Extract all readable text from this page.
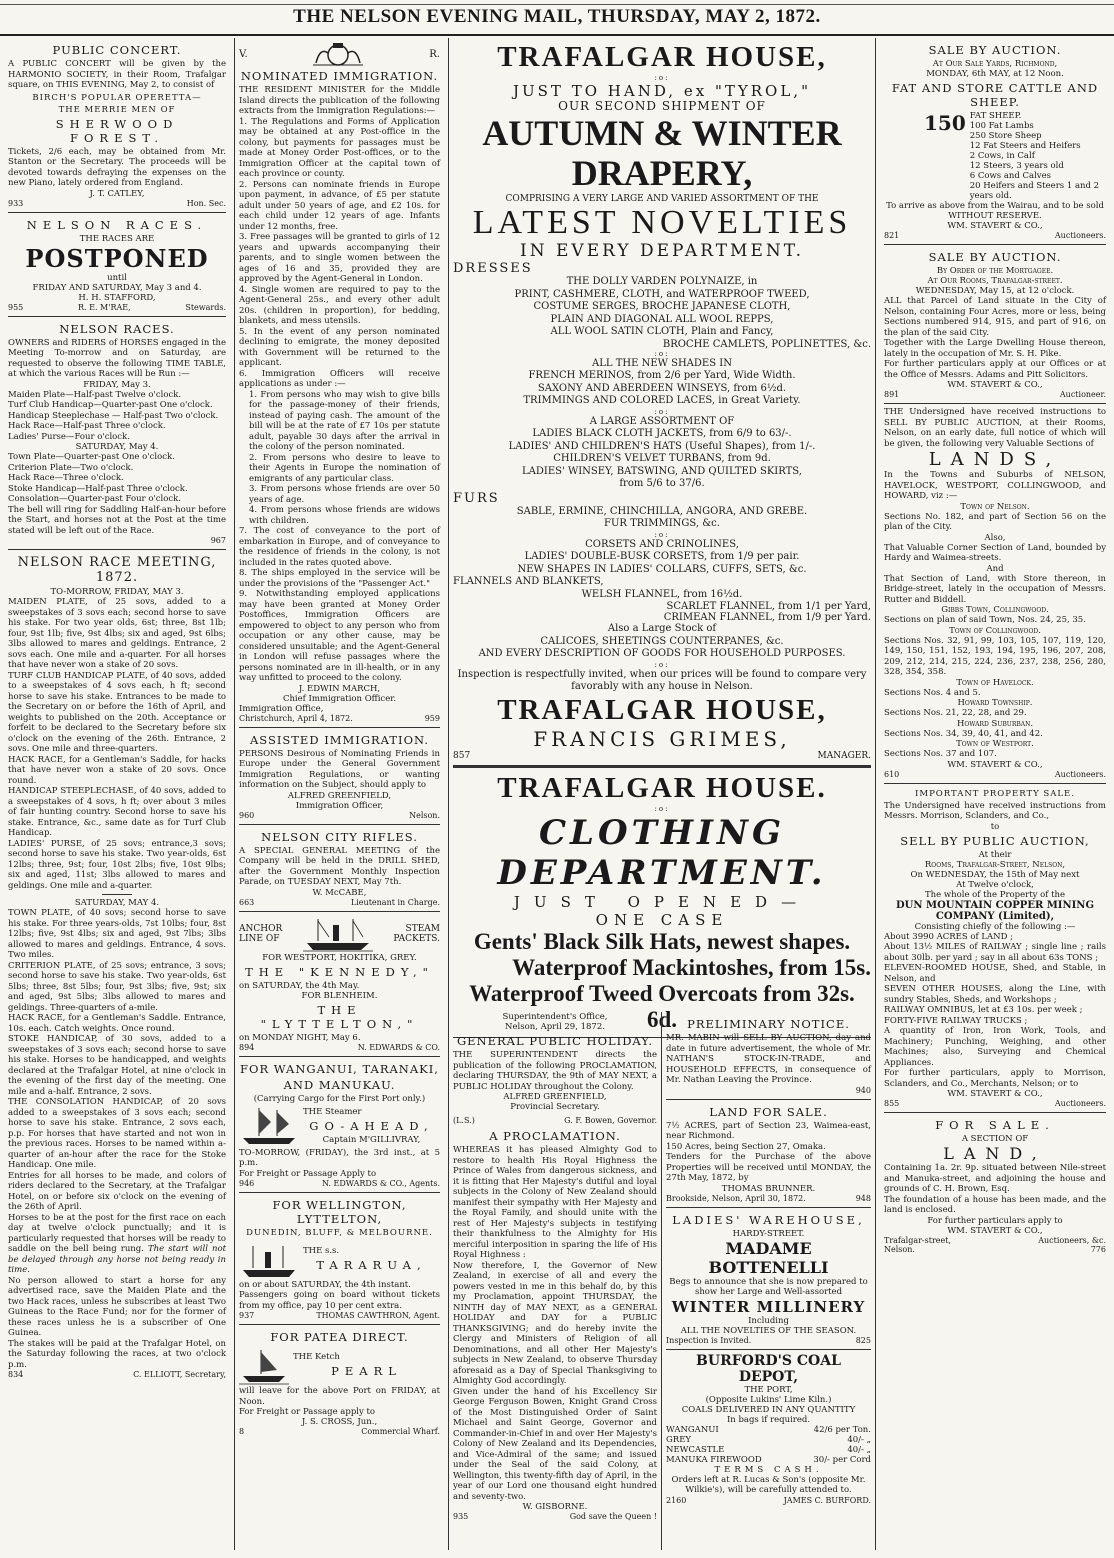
THE NELSON EVENING MAIL, THURSDAY, MAY 2, 1872.
PUBLIC CONCERT.
A PUBLIC CONCERT will be given by the HARMONIO SOCIETY, in their Room, Trafalgar square, on THIS EVENING, May 2, to consist of
BIRCH'S POPULAR OPERETTA—
THE MERRIE MEN OF
SHERWOOD FOREST.
Tickets, 2/6 each, may be obtained from Mr. Stanton or the Secretary. The proceeds will be devoted towards defraying the expenses on the new Piano, lately ordered from England.
J. T. CATLEY,
933	Hon. Sec.
NELSON RACES.
THE RACES ARE
POSTPONED
until
FRIDAY AND SATURDAY, May 3 and 4.
H. H. STAFFORD,
955	R. E. M'RAE,	Stewards.
NELSON RACES.
OWNERS and RIDERS of HORSES engaged in the Meeting To-morrow and on Saturday, are requested to observe the following TIME TABLE, at which the various Races will be Run :—
FRIDAY, May 3.
Maiden Plate—Half-past Twelve o'clock.
Turf Club Handicap—Quarter-past One o'clock.
Handicap Steeplechase — Half-past Two o'clock.
Hack Race—Half-past Three o'clock.
Ladies' Purse—Four o'clock.
SATURDAY, May 4.
Town Plate—Quarter-past One o'clock.
Criterion Plate—Two o'clock.
Hack Race—Three o'clock.
Stoke Handicap—Half-past Three o'clock.
Consolation—Quarter-past Four o'clock.
The bell will ring for Saddling Half-an-hour before the Start, and horses not at the Post at the time stated will be left out of the Race.
967
NELSON RACE MEETING, 1872.
TO-MORROW, FRIDAY, MAY 3.
MAIDEN PLATE, of 25 sovs, added to a sweepstakes of 3 sovs each; second horse to save his stake. For two year olds, 6st; three, 8st 1lb; four, 9st 1lb; five, 9st 4lbs; six and aged, 9st 6lbs; 3lbs allowed to mares and geldings. Entrance, 2 sovs each. One mile and a-quarter. For all horses that have never won a stake of 20 sovs.
TURF CLUB HANDICAP PLATE, of 40 sovs, added to a sweepstakes of 4 sovs each, h ft; second horse to save his stake. Entrances to be made to the Secretary on or before the 16th of April, and weights to published on the 20th. Acceptance or forfeit to be declared to the Secretary before six o'clock on the evening of the 26th. Entrance, 2 sovs. One mile and three-quarters.
HACK RACE, for a Gentleman's Saddle, for hacks that have never won a stake of 20 sovs. Once round.
HANDICAP STEEPLECHASE, of 40 sovs, added to a sweepstakes of 4 sovs, h ft; over about 3 miles of fair hunting country. Second horse to save his stake. Entrance, &c., same date as for Turf Club Handicap.
LADIES' PURSE, of 25 sovs; entrance,3 sovs; second horse to save his stake. Two year-olds, 6st 12lbs; three, 9st; four, 10st 2lbs; five, 10st 9lbs; six and aged, 11st; 3lbs allowed to mares and geldings. One mile and a-quarter.
SATURDAY, MAY 4.
TOWN PLATE, of 40 sovs; second horse to save his stake. For three years-olds, 7st 10lbs; four, 8st 12lbs; five, 9st 4lbs; six and aged, 9st 7lbs; 3lbs allowed to mares and geldings. Entrance, 4 sovs. Two miles.
CRITERION PLATE, of 25 sovs; entrance, 3 sovs; second horse to save his stake. Two year-olds, 6st 5lbs; three, 8st 5lbs; four, 9st 3lbs; five, 9st; six and aged, 9st 5lbs; 3lbs allowed to mares and geldings. Three-quarters of a-mile.
HACK RACE, for a Gentleman's Saddle. Entrance, 10s. each. Catch weights. Once round.
STOKE HANDICAP, of 30 sovs, added to a sweepstakes of 3 sovs each; second horse to save his stake. Horses to be handicapped, and weights declared at the Trafalgar Hotel, at nine o'clock in the evening of the first day of the meeting. One mile and a-half. Entrance, 2 sovs.
THE CONSOLATION HANDICAP, of 20 sovs added to a sweepstakes of 3 sovs each; second horse to save his stake. Entrance, 2 sovs each, p.p. For horses that have started and not won in the previous races. Horses to be named within a-quarter of an-hour after the race for the Stoke Handicap. One mile.
Entries for all horses to be made, and colors of riders declared to the Secretary, at the Trafalgar Hotel, on or before six o'clock on the evening of the 26th of April.
Horses to be at the post for the first race on each day at twelve o'clock punctually; and it is particularly requested that horses will be ready to saddle on the bell being rung. The start will not be delayed through any horse not being ready in time.
No person allowed to start a horse for any advertised race, save the Maiden Plate and the two Hack races, unless he subscribes at least Two Guineas to the Race Fund; nor for the former of these races unless he is a subscriber of One Guinea.
The stakes will be paid at the Trafalgar Hotel, on the Saturday following the races, at two o'clock p.m.
834	C. ELLIOTT, Secretary,
V.	R.
NOMINATED IMMIGRATION.
THE RESIDENT MINISTER for the Middle Island directs the publication of the following extracts from the Immigration Regulations:—
1. The Regulations and Forms of Application may be obtained at any Post-office in the colony, but payments for passages must be made at Money Order Post-offices, or to the Immigration Officer at the capital town of each province or county.
2. Persons can nominate friends in Europe upon payment, in advance, of £5 per statute adult under 50 years of age, and £2 10s. for each child under 12 years of age. Infants under 12 months, free.
3. Free passages will be granted to girls of 12 years and upwards accompanying their parents, and to single women between the ages of 16 and 35, provided they are approved by the Agent-General in London.
4. Single women are required to pay to the Agent-General 25s., and every other adult 20s. (children in proportion), for bedding, blankets, and mess utensils.
5. In the event of any person nominated declining to emigrate, the money deposited with Government will be returned to the applicant.
6. Immigration Officers will receive applications as under :—
1. From persons who may wish to give bills for the passage-money of their friends, instead of paying cash. The amount of the bill will be at the rate of £7 10s per statute adult, payable 30 days after the arrival in the colony of the person nominated.
2. From persons who desire to leave to their Agents in Europe the nomination of emigrants of any particular class.
3. From persons whose friends are over 50 years of age.
4. From persons whose friends are widows with children.
7. The cost of conveyance to the port of embarkation in Europe, and of conveyance to the residence of friends in the colony, is not included in the rates quoted above.
8. The ships employed in the service will be under the provisions of the "Passenger Act."
9. Notwithstanding employed applications may have been granted at Money Order Postoffices, Immigration Officers are empowered to object to any person who from occupation or any other cause, may be considered unsuitable; and the Agent-General in London will refuse passages where the persons nominated are in ill-health, or in any way unfitted to proceed to the colony.
J. EDWIN MARCH,
Chief Immigration Officer.
Immigration Office,
Christchurch, April 4, 1872.	959
ASSISTED IMMIGRATION.
PERSONS Desirous of Nominating Friends in Europe under the General Government Immigration Regulations, or wanting information on the Subject, should apply to
ALFRED GREENFIELD,
Immigration Officer,
960	Nelson.
NELSON CITY RIFLES.
A SPECIAL GENERAL MEETING of the Company will be held in the DRILL SHED, after the Government Monthly Inspection Parade, on TUESDAY NEXT, May 7th.
W. McCABE,
663	Lieutenant in Charge.
ANCHOR
LINE OF
STEAM
PACKETS.
FOR WESTPORT, HOKITIKA, GREY.
THE "KENNEDY,"
on SATURDAY, the 4th May.
FOR BLENHEIM.
THE "LYTTELTON,"
on MONDAY NIGHT, May 6.
894	N. EDWARDS & CO.
FOR WANGANUI, TARANAKI,
AND MANUKAU.
(Carrying Cargo for the First Port only.)
THE Steamer
GO-AHEAD,
Captain M'GILLIVRAY,
TO-MORROW, (FRIDAY), the 3rd inst., at 5 p.m.
For Freight or Passage Apply to
946	N. EDWARDS & CO., Agents.
FOR WELLINGTON, LYTTELTON,
DUNEDIN, BLUFF, & MELBOURNE.
THE s.s.
TARARUA,
on or about SATURDAY, the 4th instant.
Passengers going on board without tickets from my office, pay 10 per cent extra.
937	THOMAS CAWTHRON, Agent.
FOR PATEA DIRECT.
THE Ketch
PEARL
will leave for the above Port on FRIDAY, at Noon.
For Freight or Passage apply to
J. S. CROSS, Jun.,
8	Commercial Wharf.
TRAFALGAR HOUSE,
:o:
JUST TO HAND, ex "TYROL,"
OUR SECOND SHIPMENT OF
AUTUMN & WINTER DRAPERY,
COMPRISING A VERY LARGE AND VARIED ASSORTMENT OF THE
LATEST NOVELTIES
IN EVERY DEPARTMENT.
DRESSES
THE DOLLY VARDEN POLYNAIZE, in
PRINT, CASHMERE, CLOTH, and WATERPROOF TWEED,
COSTUME SERGES, BROCHE JAPANESE CLOTH,
PLAIN AND DIAGONAL ALL WOOL REPPS,
ALL WOOL SATIN CLOTH, Plain and Fancy,
BROCHE CAMLETS, POPLINETTES, &c.
:o:
ALL THE NEW SHADES IN
FRENCH MERINOS, from 2/6 per Yard, Wide Width.
SAXONY AND ABERDEEN WINSEYS, from 6½d.
TRIMMINGS AND COLORED LACES, in Great Variety.
:o:
A LARGE ASSORTMENT OF
LADIES BLACK CLOTH JACKETS, from 6/9 to 63/-.
LADIES' AND CHILDREN'S HATS (Useful Shapes), from 1/-.
CHILDREN'S VELVET TURBANS, from 9d.
LADIES' WINSEY, BATSWING, AND QUILTED SKIRTS,
from 5/6 to 37/6.
FURS
SABLE, ERMINE, CHINCHILLA, ANGORA, AND GREBE.
FUR TRIMMINGS, &c.
:o:
CORSETS AND CRINOLINES,
LADIES' DOUBLE-BUSK CORSETS, from 1/9 per pair.
NEW SHAPES IN LADIES' COLLARS, CUFFS, SETS, &c.
FLANNELS AND BLANKETS,
WELSH FLANNEL, from 16½d.
SCARLET FLANNEL, from 1/1 per Yard,
CRIMEAN FLANNEL, from 1/9 per Yard.
Also a Large Stock of
CALICOES, SHEETINGS COUNTERPANES, &c.
AND EVERY DESCRIPTION OF GOODS FOR HOUSEHOLD PURPOSES.
:o:
Inspection is respectfully invited, when our prices will be found to compare very favorably with any house in Nelson.
TRAFALGAR HOUSE,
FRANCIS GRIMES,
857	MANAGER.
TRAFALGAR HOUSE.
:o:
CLOTHING DEPARTMENT.
JUST OPENED—
ONE CASE
Gents' Black Silk Hats, newest shapes.
Waterproof Mackintoshes, from 15s.
Waterproof Tweed Overcoats from 32s. 6d.
Superintendent's Office,
Nelson, April 29, 1872.
GENERAL PUBLIC HOLIDAY.
THE SUPERINTENDENT directs the publication of the following PROCLAMATION, declaring THURSDAY, the 9th of MAY NEXT, a PUBLIC HOLIDAY throughout the Colony.
ALFRED GREENFIELD,
Provincial Secretary.
(L.S.)	G. F. Bowen, Governor.
A PROCLAMATION.
WHEREAS it has pleased Almighty God to restore to health His Royal Highness the Prince of Wales from dangerous sickness, and it is fitting that Her Majesty's dutiful and loyal subjects in the Colony of New Zealand should manifest their sympathy with Her Majesty and the Royal Family, and should unite with the rest of Her Majesty's subjects in testifying their thankfulness to the Almighty for His merciful interposition in sparing the life of His Royal Highness :
Now therefore, I, the Governor of New Zealand, in exercise of all and every the powers vested in me in this behalf do, by this my Proclamation, appoint THURSDAY, the NINTH day of MAY NEXT, as a GENERAL HOLIDAY and DAY for a PUBLIC THANKSGIVING; and do hereby invite the Clergy and Ministers of Religion of all Denominations, and all other Her Majesty's subjects in New Zealand, to observe Thursday aforesaid as a Day of Special Thanksgiving to Almighty God accordingly.
Given under the hand of his Excellency Sir George Ferguson Bowen, Knight Grand Cross of the Most Distinguished Order of Saint Michael and Saint George, Governor and Commander-in-Chief in and over Her Majesty's Colony of New Zealand and its Dependencies, and Vice-Admiral of the same; and issued under the Seal of the said Colony, at Wellington, this twenty-fifth day of April, in the year of our Lord one thousand eight hundred and seventy-two.
W. GISBORNE.
935	God save the Queen !
PRELIMINARY NOTICE.
MR. MABIN will SELL BY AUCTION, day and date in future advertisement, the whole of Mr. NATHAN'S STOCK-IN-TRADE, and HOUSEHOLD EFFECTS, in consequence of Mr. Nathan Leaving the Province.
940
LAND FOR SALE.
7½ ACRES, part of Section 23, Waimea-east, near Richmond.
150 Acres, being Section 27, Omaka.
Tenders for the Purchase of the above Properties will be received until MONDAY, the 27th May, 1872, by
THOMAS BRUNNER.
Brookside, Nelson, April 30, 1872.	948
LADIES' WAREHOUSE,
HARDY-STREET.
MADAME BOTTENELLI
Begs to announce that she is now prepared to show her Large and Well-assorted
WINTER MILLINERY
Including
ALL THE NOVELTIES OF THE SEASON.
Inspection is Invited.	825
BURFORD'S COAL DEPOT,
THE PORT,
(Opposite Lukins' Lime Kiln.)
COALS DELIVERED IN ANY QUANTITY
In bags if required.
WANGANUI	42/6 per Ton.
GREY	40/- „
NEWCASTLE	40/- „
MANUKA FIREWOOD	30/- per Cord
TERMS CASH.
Orders left at R. Lucas & Son's (opposite Mr. Wilkie's), will be carefully attended to.
2160	JAMES C. BURFORD.
SALE BY AUCTION.
At Our Sale Yards, Richmond,
MONDAY, 6th MAY, at 12 Noon.
FAT AND STORE CATTLE AND SHEEP.
150 FAT SHEEP.
100 Fat Lambs
250 Store Sheep
12 Fat Steers and Heifers
2 Cows, in Calf
12 Steers, 3 years old
6 Cows and Calves
20 Heifers and Steers 1 and 2 years old.
To arrive as above from the Wairau, and to be sold
WITHOUT RESERVE.
WM. STAVERT & CO.,
821	Auctioneers.
SALE BY AUCTION.
By Order of the Mortgagee.
At Our Rooms, Trafalgar-street.
WEDNESDAY, May 15, at 12 o'clock.
ALL that Parcel of Land situate in the City of Nelson, containing Four Acres, more or less, being Sections numbered 914, 915, and part of 916, on the plan of the said City.
Together with the Large Dwelling House thereon, lately in the occupation of Mr. S. H. Pike.
For further particulars apply at our Offices or at the Office of Messrs. Adams and Pitt Solicitors.
WM. STAVERT & CO.,
891	Auctioneer.
THE Undersigned have received instructions to SELL BY PUBLIC AUCTION, at their Rooms, Nelson, on an early date, full notice of which will be given, the following very Valuable Sections of
LANDS,
In the Towns and Suburbs of NELSON, HAVELOCK, WESTPORT, COLLINGWOOD, and HOWARD, viz :—
Town of Nelson.
Sections No. 182, and part of Section 56 on the plan of the City.
Also,
That Valuable Corner Section of Land, bounded by Hardy and Waimea-streets.
And
That Section of Land, with Store thereon, in Bridge-street, lately in the occupation of Messrs. Rutter and Biddell.
Gibbs Town, Collingwood.
Sections on plan of said Town, Nos. 24, 25, 35.
Town of Collingwood.
Sections Nos. 32, 91, 99, 103, 105, 107, 119, 120, 149, 150, 151, 152, 193, 194, 195, 196, 207, 208, 209, 212, 214, 215, 224, 236, 237, 238, 256, 280, 328, 354, 358.
Town of Havelock.
Sections Nos. 4 and 5.
Howard Township.
Sections Nos. 21, 22, 28, and 29.
Howard Suburban.
Sections Nos. 34, 39, 40, 41, and 42.
Town of Westport.
Sections Nos. 37 and 107.
WM. STAVERT & CO.,
610	Auctioneers.
IMPORTANT PROPERTY SALE.
The Undersigned have received instructions from Messrs. Morrison, Sclanders, and Co.,
to
SELL BY PUBLIC AUCTION,
At their
Rooms, Trafalgar-Street, Nelson,
On WEDNESDAY, the 15th of May next
At Twelve o'clock,
The whole of the Property of the
DUN MOUNTAIN COPPER MINING COMPANY (Limited),
Consisting chiefly of the following :—
About 3990 ACRES of LAND ;
About 13½ MILES of RAILWAY ; single line ; rails about 30lb. per yard ; say in all about 63s TONS ;
ELEVEN-ROOMED HOUSE, Shed, and Stable, in Nelson, and
SEVEN OTHER HOUSES, along the Line, with sundry Stables, Sheds, and Workshops ;
RAILWAY OMNIBUS, let at £3 10s. per week ;
FORTY-FIVE RAILWAY TRUCKS ;
A quantity of Iron, Iron Work, Tools, and Machinery; Punching, Weighing, and other Machines; also, Surveying and Chemical Appliances.
For further particulars, apply to Morrison, Sclanders, and Co., Merchants, Nelson; or to
WM. STAVERT & CO.,
855	Auctioneers.
FOR SALE.
A SECTION OF
LAND,
Containing 1a. 2r. 9p. situated between Nile-street and Manuka-street, and adjoining the house and grounds of C. H. Brown, Esq.
The foundation of a house has been made, and the land is enclosed.
For further particulars apply to
WM. STAVERT & CO.,
Trafalgar-street,	Auctioneers, &c.
Nelson.	776
